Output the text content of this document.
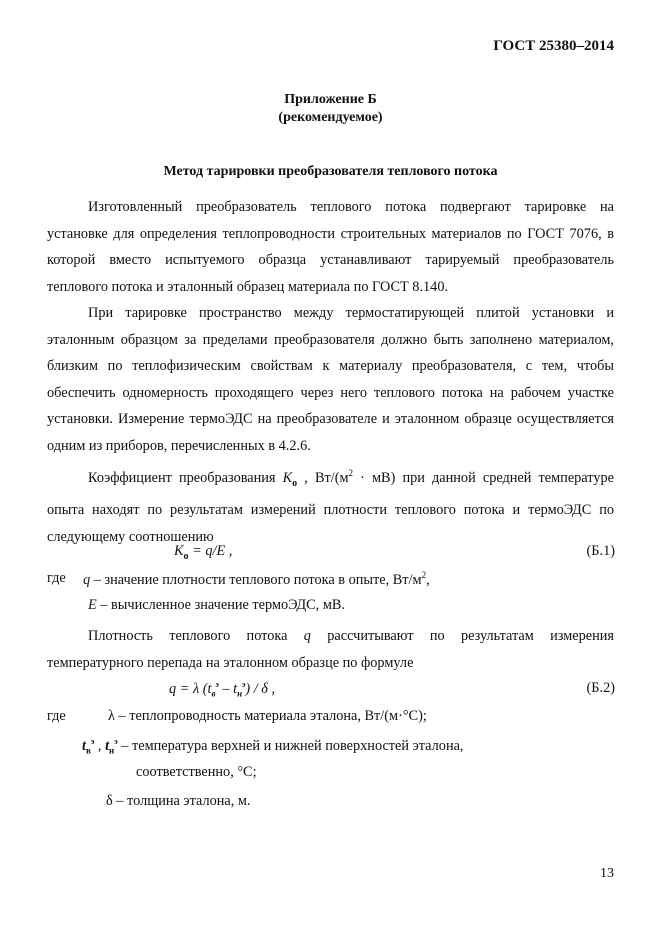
ГОСТ 25380–2014
Приложение Б
(рекомендуемое)
Метод тарировки преобразователя теплового потока

Изготовленный преобразователь теплового потока подвергают тарировке на установке для определения теплопроводности строительных материалов по ГОСТ 7076, в которой вместо испытуемого образца устанавливают тарируемый преобразователь теплового потока и эталонный образец материала по ГОСТ 8.140.

При тарировке пространство между термостатирующей плитой установки и эталонным образцом за пределами преобразователя должно быть заполнено материалом, близким по теплофизическим свойствам к материалу преобразователя, с тем, чтобы обеспечить одномерность проходящего через него теплового потока на рабочем участке установки. Измерение термоЭДС на преобразователе и эталонном образце осуществляется одним из приборов, перечисленных в 4.2.6.

Коэффициент преобразования $K_о$ , $Вт/(м^2 \cdot мВ)$ при данной средней температуре опыта находят по результатам измерений плотности теплового потока и термоЭДС по следующему соотношению

$K_о = q/E$ ,	(Б.1)
где q – значение плотности теплового потока в опыте, $Вт/м^2$,
E – вычисленное значение термоЭДС, мВ.

Плотность теплового потока q рассчитывают по результатам измерения температурного перепада на эталонном образце по формуле

q = λ $(t_в^э - t_н^э)$ / δ ,	(Б.2)
где	λ – теплопроводность материала эталона, Вт/(м·°С);
$t_в^э$ , $t_н^э$ – температура верхней и нижней поверхностей эталона,
соответственно, °С;
δ – толщина эталона, м.
13
